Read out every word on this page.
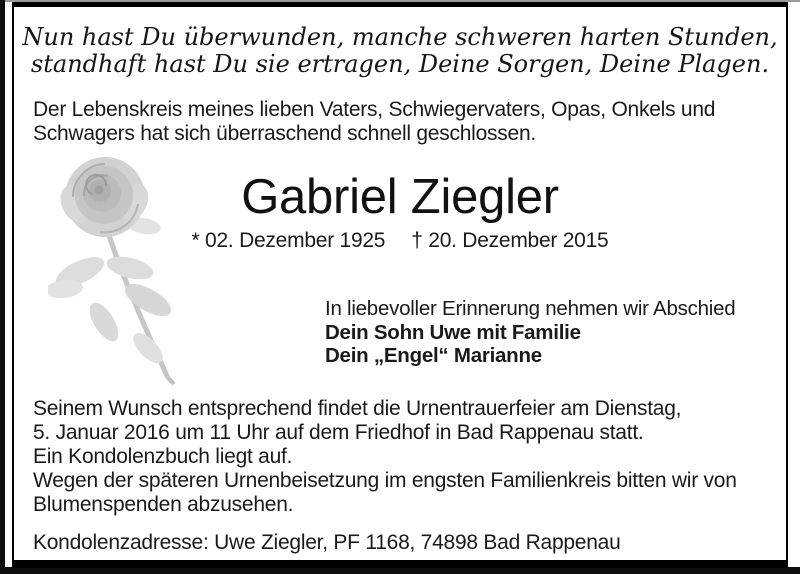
Nun hast Du überwunden, manche schweren harten Stunden,
standhaft hast Du sie ertragen, Deine Sorgen, Deine Plagen.
Der Lebenskreis meines lieben Vaters, Schwiegervaters, Opas, Onkels und
Schwagers hat sich überraschend schnell geschlossen.
Gabriel Ziegler
* 02. Dezember 1925 † 20. Dezember 2015
In liebevoller Erinnerung nehmen wir Abschied
Dein Sohn Uwe mit Familie
Dein „Engel“ Marianne
Seinem Wunsch entsprechend findet die Urnentrauerfeier am Dienstag,
5. Januar 2016 um 11 Uhr auf dem Friedhof in Bad Rappenau statt.
Ein Kondolenzbuch liegt auf.
Wegen der späteren Urnenbeisetzung im engsten Familienkreis bitten wir von
Blumenspenden abzusehen.
Kondolenzadresse: Uwe Ziegler, PF 1168, 74898 Bad Rappenau
